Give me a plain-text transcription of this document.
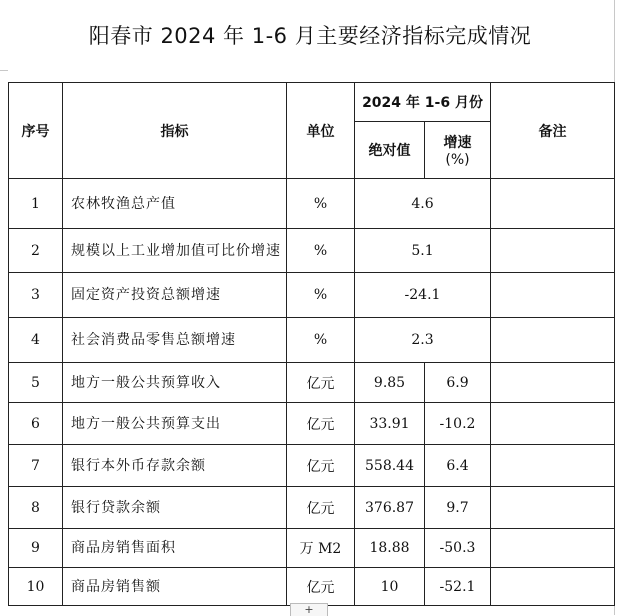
阳春市 2024 年 1-6 月主要经济指标完成情况
序号	指标	单位	2024 年 1-6 月份		备注
			绝对值	增速
(%)	

1	农林牧渔总产值	%	4.6		
2	规模以上工业增加值可比价增速	%	5.1		
3	固定资产投资总额增速	%	-24.1		
4	社会消费品零售总额增速	%	2.3		
5	地方一般公共预算收入	亿元	9.85	6.9	
6	地方一般公共预算支出	亿元	33.91	-10.2	
7	银行本外币存款余额	亿元	558.44	6.4	
8	银行贷款余额	亿元	376.87	9.7	
9	商品房销售面积	万 M2	18.88	-50.3	
10	商品房销售额	亿元	10	-52.1	
+
